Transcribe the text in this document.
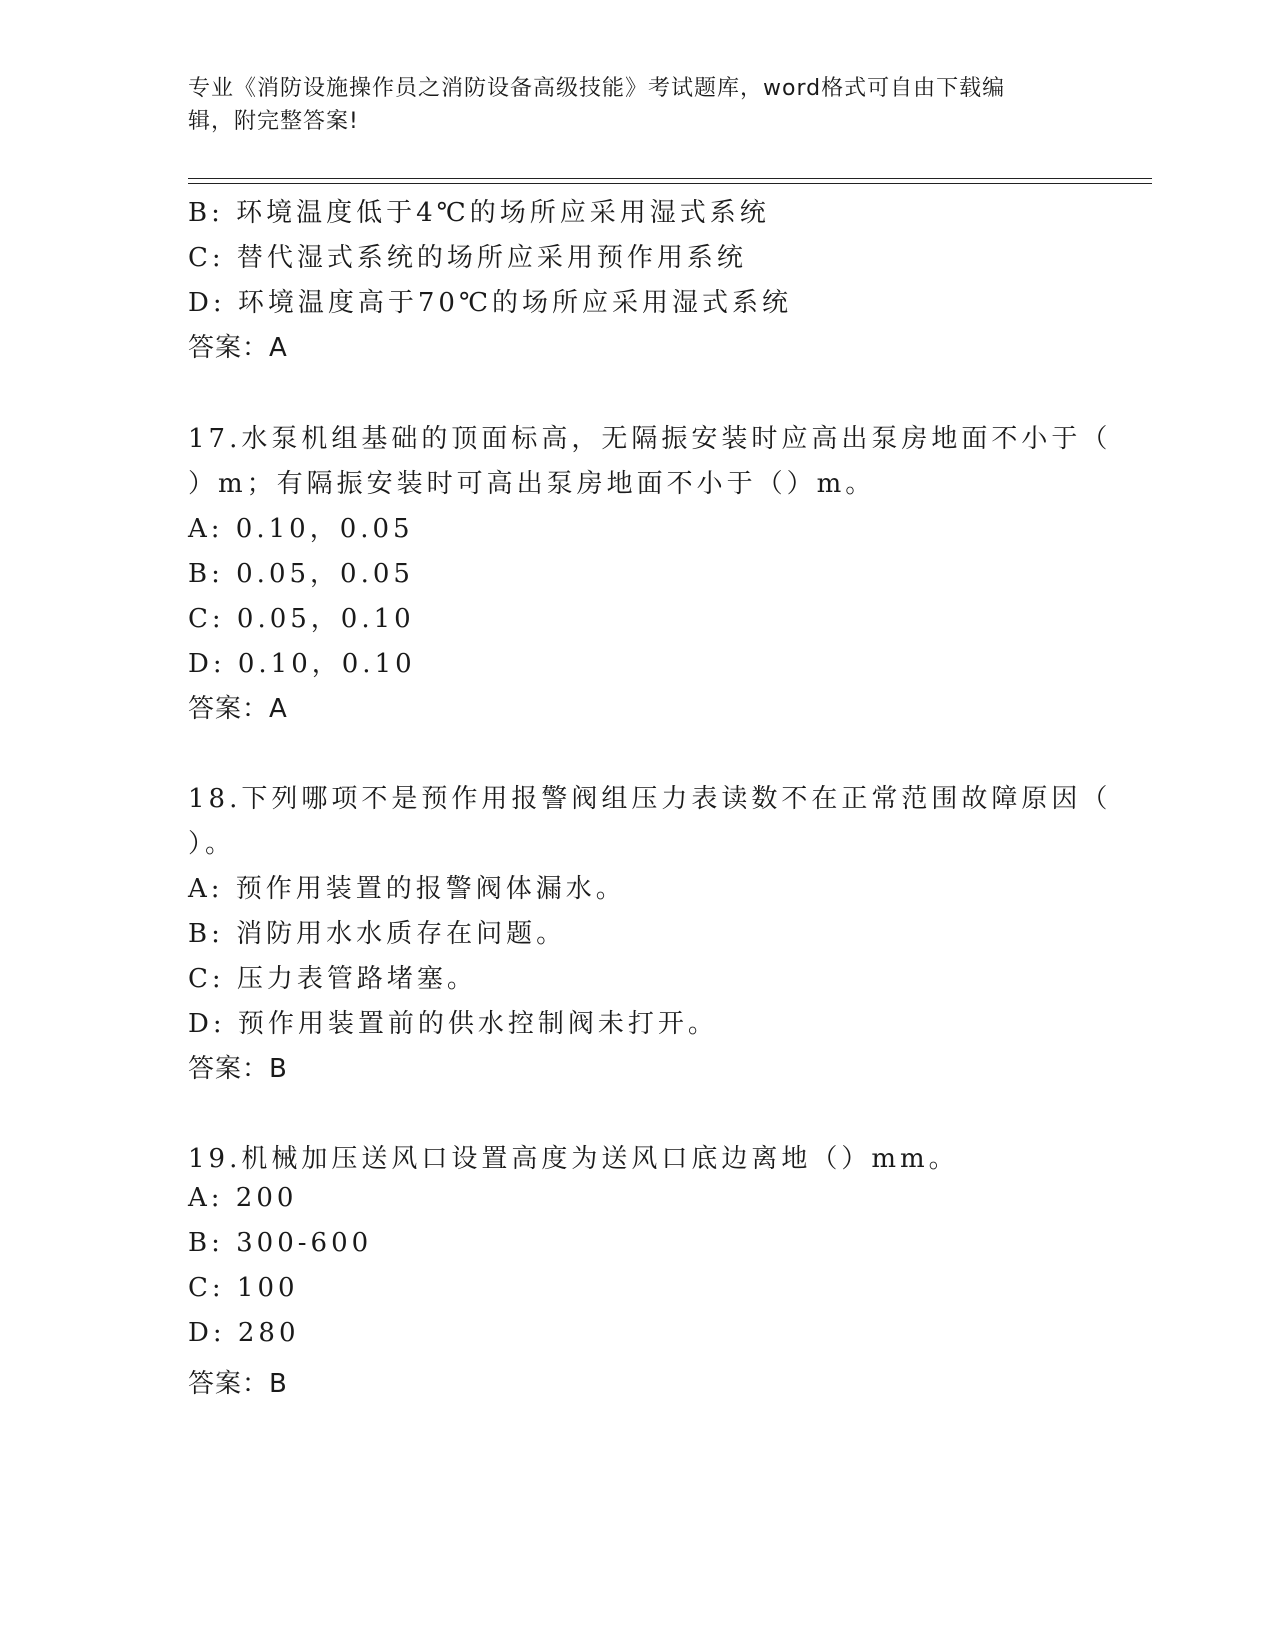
专业《消防设施操作员之消防设备高级技能》考试题库，word格式可自由下载编
辑，附完整答案!
B: 环境温度低于4℃的场所应采用湿式系统
C: 替代湿式系统的场所应采用预作用系统
D: 环境温度高于70℃的场所应采用湿式系统
答案：A
17.水泵机组基础的顶面标高，无隔振安装时应高出泵房地面不小于（
）m；有隔振安装时可高出泵房地面不小于（）m。
A: 0.10，0.05
B: 0.05，0.05
C: 0.05，0.10
D: 0.10，0.10
答案：A
18.下列哪项不是预作用报警阀组压力表读数不在正常范围故障原因（
）。
A: 预作用装置的报警阀体漏水。
B: 消防用水水质存在问题。
C: 压力表管路堵塞。
D: 预作用装置前的供水控制阀未打开。
答案：B
19.机械加压送风口设置高度为送风口底边离地（）mm。
A: 200
B: 300-600
C: 100
D: 280
答案：B
